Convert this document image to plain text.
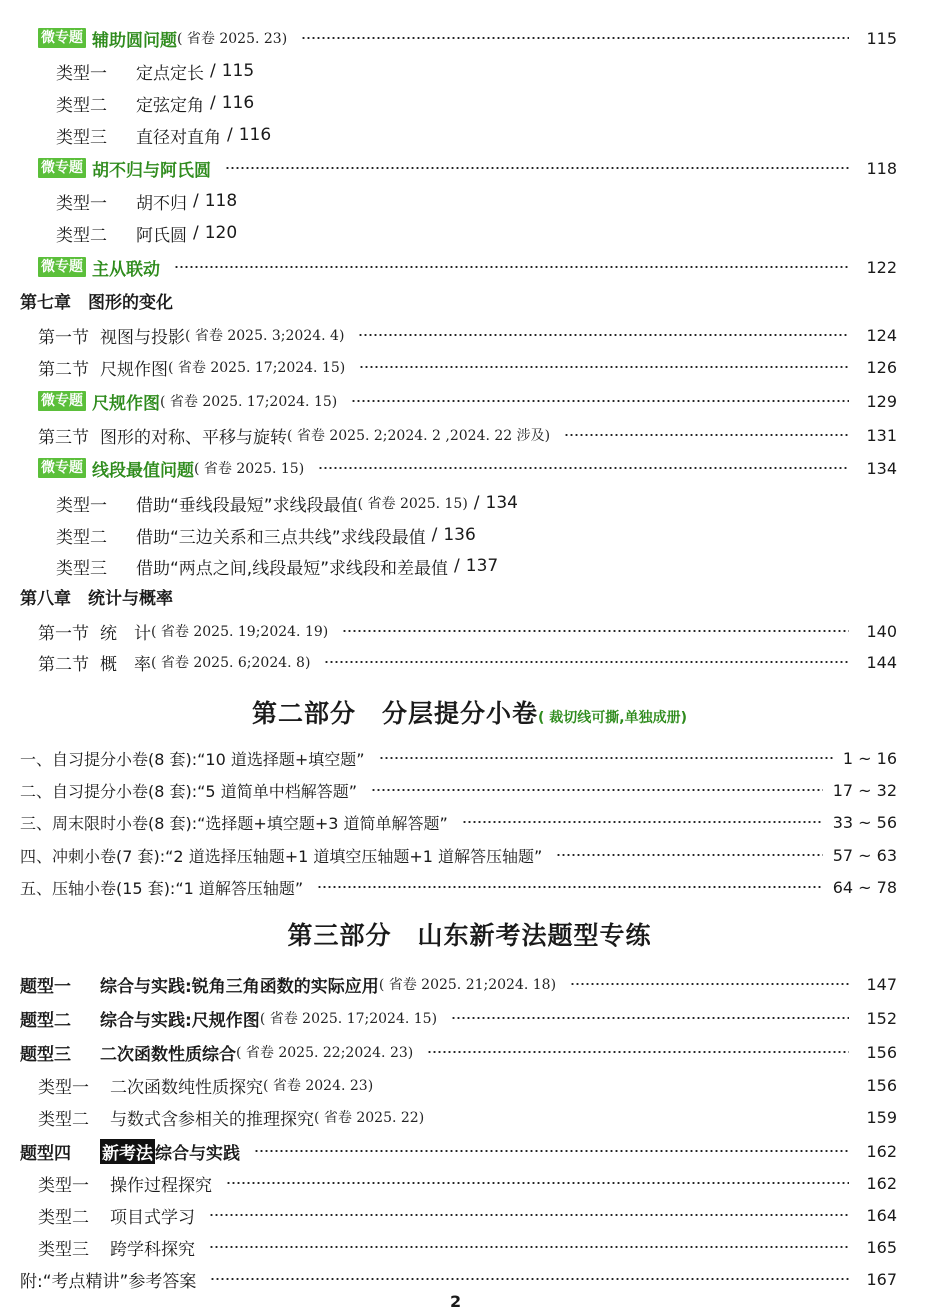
微专题 辅助圆问题 ( 省卷 2025. 23)	115
类型一	定点定长 / 115
类型二	定弦定角 / 116
类型三	直径对直角 / 116
微专题 胡不归与阿氏圆	118
类型一	胡不归 / 118
类型二	阿氏圆 / 120
微专题 主从联动	122
第七章　图形的变化
第一节 视图与投影 ( 省卷 2025. 3;2024. 4)	124
第二节 尺规作图 ( 省卷 2025. 17;2024. 15)	126
微专题 尺规作图 ( 省卷 2025. 17;2024. 15)	129
第三节 图形的对称、平移与旋转 ( 省卷 2025. 2;2024. 2 ,2024. 22 涉及)	131
微专题 线段最值问题 ( 省卷 2025. 15)	134
类型一	借助“垂线段最短”求线段最值 ( 省卷 2025. 15) / 134
类型二	借助“三边关系和三点共线”求线段最值 / 136
类型三	借助“两点之间,线段最短”求线段和差最值 / 137
第八章　统计与概率
第一节 统　计 ( 省卷 2025. 19;2024. 19)	140
第二节 概　率 ( 省卷 2025. 6;2024. 8)	144
第二部分　分层提分小卷( 裁切线可撕,单独成册)
一、自习提分小卷(8 套):“10 道选择题+填空题”	1 ~ 16
二、自习提分小卷(8 套):“5 道简单中档解答题”	17 ~ 32
三、周末限时小卷(8 套):“选择题+填空题+3 道简单解答题”	33 ~ 56
四、冲刺小卷(7 套):“2 道选择压轴题+1 道填空压轴题+1 道解答压轴题”	57 ~ 63
五、压轴小卷(15 套):“1 道解答压轴题”	64 ~ 78
第三部分　山东新考法题型专练
题型一	综合与实践:锐角三角函数的实际应用 ( 省卷 2025. 21;2024. 18)	147
题型二	综合与实践:尺规作图 ( 省卷 2025. 17;2024. 15)	152
题型三	二次函数性质综合 ( 省卷 2025. 22;2024. 23)	156
类型一	二次函数纯性质探究 ( 省卷 2024. 23)	156
类型二	与数式含参相关的推理探究 ( 省卷 2025. 22)	159
题型四	新考法 综合与实践	162
类型一	操作过程探究	162
类型二	项目式学习	164
类型三	跨学科探究	165
附:“考点精讲”参考答案	167
2
